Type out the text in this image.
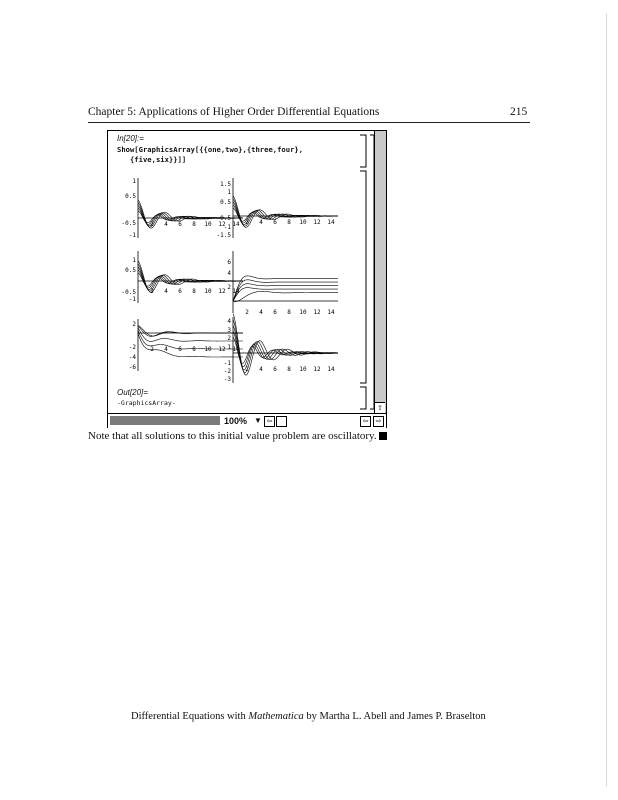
Chapter 5: Applications of Higher Order Differential Equations	215
In[20]:=
Show[GraphicsArray[{{one,two},{three,four},
{five,six}}]]
1
0.5
-0.5
-1
2 4 6 8 10 12 14
1.5
1
0.5
-0.5
-1
-1.5
2 4 6 8 10 12 14
1
0.5
-0.5
-1
2 4 6 8 10 12 14
6
4
2
2 4 6 8 10 12 14
2
-2
-4
-6
2 4 6 8 10 12 14
4
3
2
1
-1
-2
-3
2 4 6 8 10 12 14
Out[20]=
-GraphicsArray-
⇧
100% ▼ ⇦	⇦	⇨
Note that all solutions to this initial value problem are oscillatory.
Differential Equations with Mathematica by Martha L. Abell and James P. Braselton
